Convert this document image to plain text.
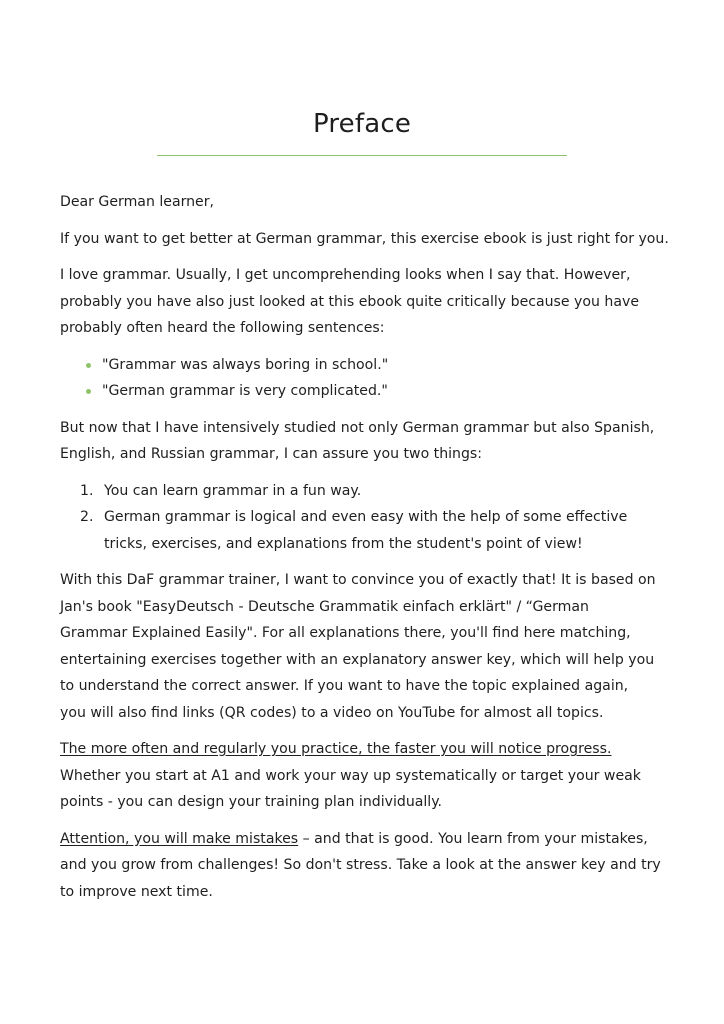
Preface

Dear German learner,

If you want to get better at German grammar, this exercise ebook is just right for you.

I love grammar. Usually, I get uncomprehending looks when I say that. However,
probably you have also just looked at this ebook quite critically because you have
probably often heard the following sentences:

"Grammar was always boring in school."
"German grammar is very complicated."

But now that I have intensively studied not only German grammar but also Spanish,
English, and Russian grammar, I can assure you two things:

1. You can learn grammar in a fun way.
2. German grammar is logical and even easy with the help of some effective
tricks, exercises, and explanations from the student's point of view!

With this DaF grammar trainer, I want to convince you of exactly that! It is based on
Jan's book "EasyDeutsch - Deutsche Grammatik einfach erklärt" / “German
Grammar Explained Easily". For all explanations there, you'll find here matching,
entertaining exercises together with an explanatory answer key, which will help you
to understand the correct answer. If you want to have the topic explained again,
you will also find links (QR codes) to a video on YouTube for almost all topics.

The more often and regularly you practice, the faster you will notice progress.
Whether you start at A1 and work your way up systematically or target your weak
points - you can design your training plan individually.

Attention, you will make mistakes – and that is good. You learn from your mistakes,
and you grow from challenges! So don't stress. Take a look at the answer key and try
to improve next time.
